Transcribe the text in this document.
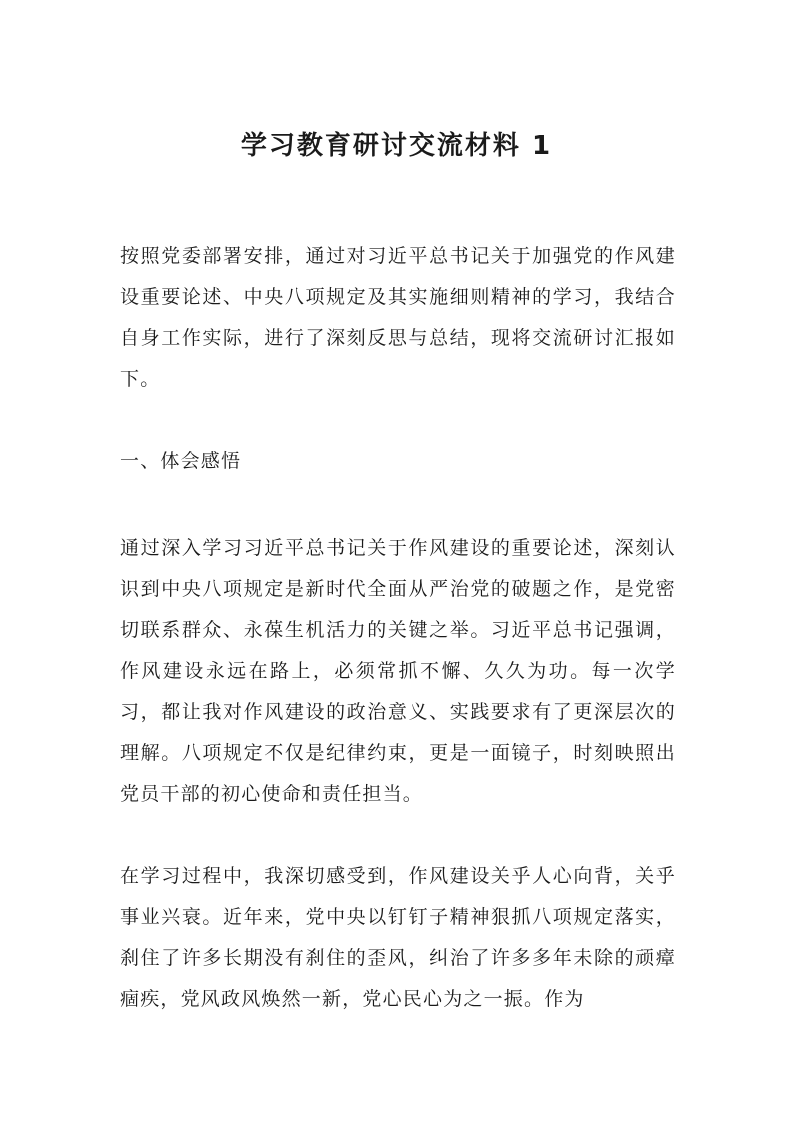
学习教育研讨交流材料 1

按照党委部署安排，通过对习近平总书记关于加强党的作风建设重要论述、中央八项规定及其实施细则精神的学习，我结合自身工作实际，进行了深刻反思与总结，现将交流研讨汇报如下。

一、体会感悟

通过深入学习习近平总书记关于作风建设的重要论述，深刻认识到中央八项规定是新时代全面从严治党的破题之作，是党密切联系群众、永葆生机活力的关键之举。习近平总书记强调，作风建设永远在路上，必须常抓不懈、久久为功。每一次学习，都让我对作风建设的政治意义、实践要求有了更深层次的理解。八项规定不仅是纪律约束，更是一面镜子，时刻映照出党员干部的初心使命和责任担当。

在学习过程中，我深切感受到，作风建设关乎人心向背，关乎事业兴衰。近年来，党中央以钉钉子精神狠抓八项规定落实，刹住了许多长期没有刹住的歪风，纠治了许多多年未除的顽瘴痼疾，党风政风焕然一新，党心民心为之一振。作为
